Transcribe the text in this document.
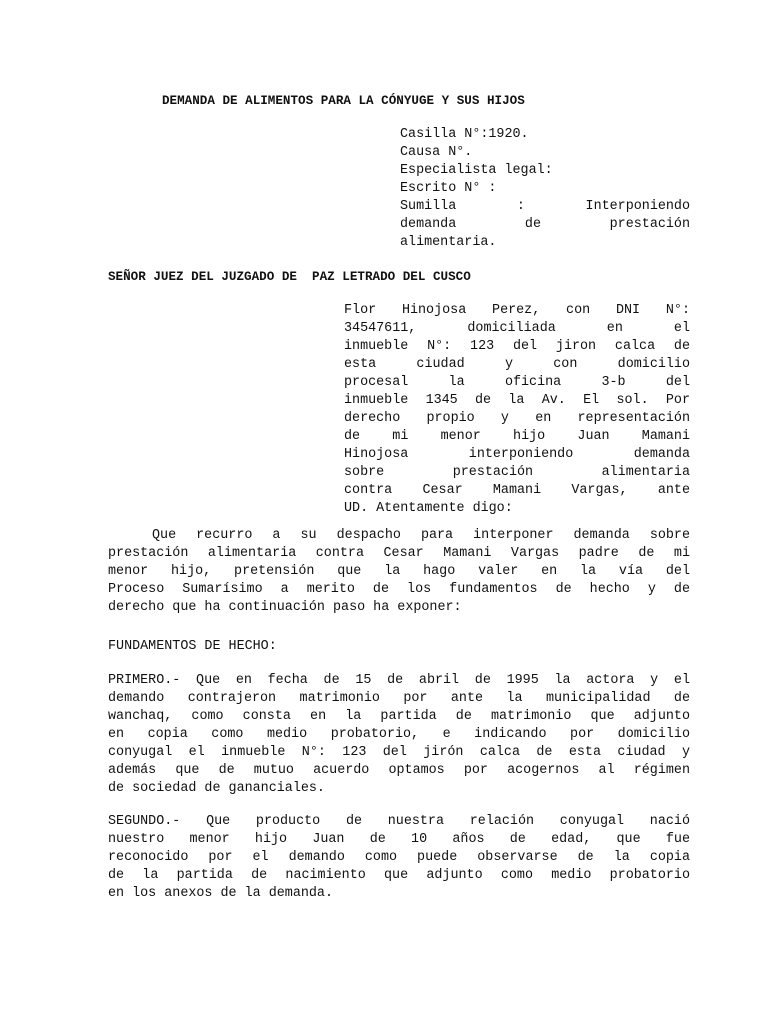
DEMANDA DE ALIMENTOS PARA LA CÓNYUGE Y SUS HIJOS
Casilla N°:1920.
Causa N°.
Especialista legal:
Escrito N° :
Sumilla : Interponiendo
demanda de prestación
alimentaria.
SEÑOR JUEZ DEL JUZGADO DE  PAZ LETRADO DEL CUSCO
Flor Hinojosa Perez, con DNI N°:
34547611, domiciliada en el
inmueble N°: 123 del jiron calca de
esta ciudad y con domicilio
procesal la oficina 3-b del
inmueble 1345 de la Av. El sol. Por
derecho propio y en representación
de mi menor hijo Juan Mamani
Hinojosa interponiendo demanda
sobre prestación alimentaria
contra Cesar Mamani Vargas, ante
UD. Atentamente digo:
Que recurro a su despacho para interponer demanda sobre
prestación alimentaria contra Cesar Mamani Vargas padre de mi
menor hijo, pretensión que la hago valer en la vía del
Proceso Sumarísimo a merito de los fundamentos de hecho y de
derecho que ha continuación paso ha exponer:
FUNDAMENTOS DE HECHO:
PRIMERO.- Que en fecha de 15 de abril de 1995 la actora y el
demando contrajeron matrimonio por ante la municipalidad de
wanchaq, como consta en la partida de matrimonio que adjunto
en copia como medio probatorio, e indicando por domicilio
conyugal el inmueble N°: 123 del jirón calca de esta ciudad y
además que de mutuo acuerdo optamos por acogernos al régimen
de sociedad de gananciales.
SEGUNDO.- Que producto de nuestra relación conyugal nació
nuestro menor hijo Juan de 10 años de edad, que fue
reconocido por el demando como puede observarse de la copia
de la partida de nacimiento que adjunto como medio probatorio
en los anexos de la demanda.
